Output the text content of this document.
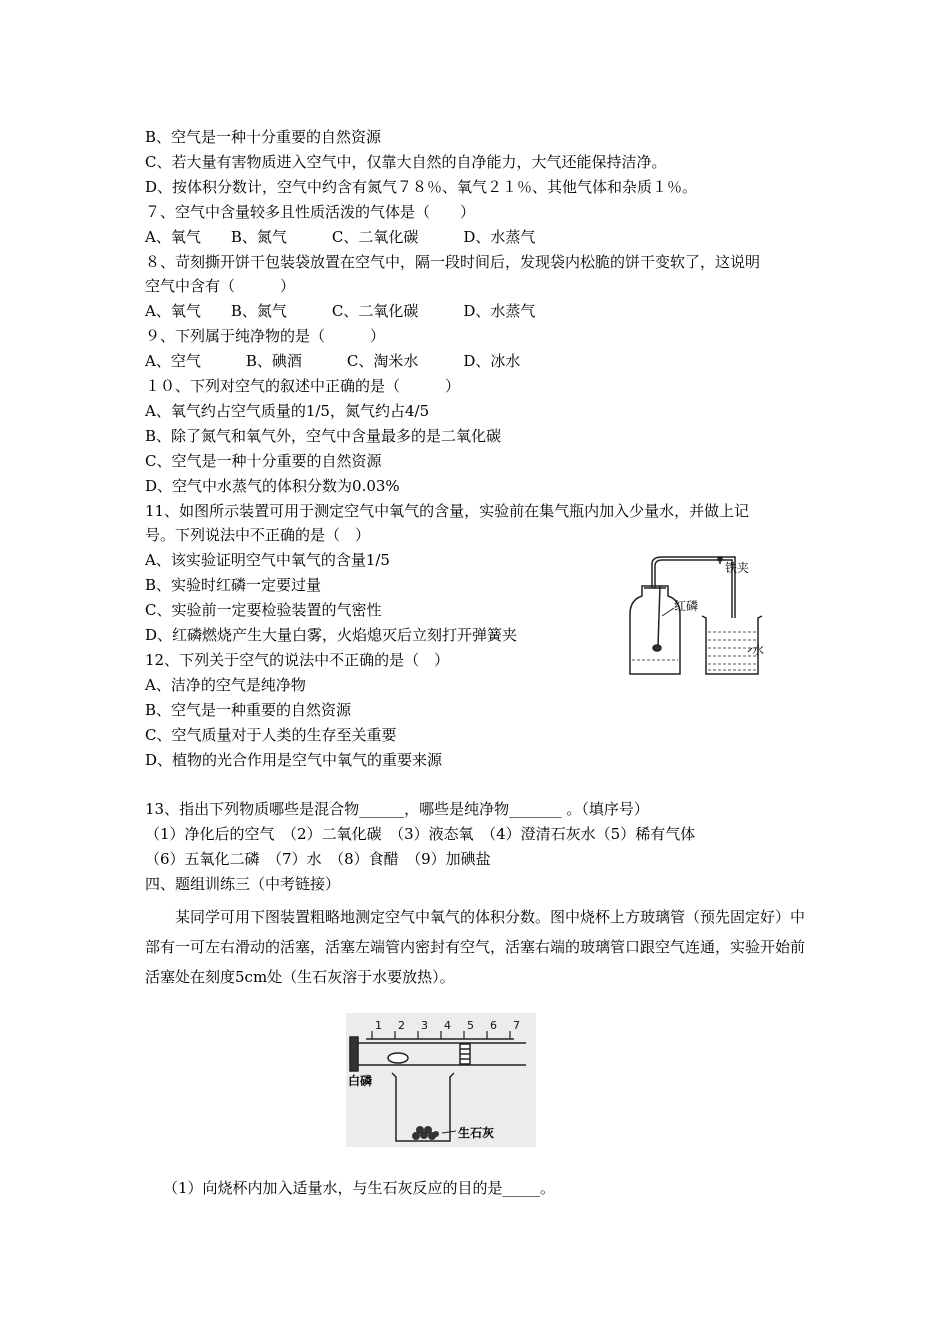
B、空气是一种十分重要的自然资源
C、若大量有害物质进入空气中，仅靠大自然的自净能力，大气还能保持洁净。
D、按体积分数计，空气中约含有氮气７８％、氧气２１％、其他气体和杂质１％。
７、空气中含量较多且性质活泼的气体是（　　）
A、氧气　　B、氮气　　　C、二氧化碳　　　D、水蒸气
８、苛刻撕开饼干包装袋放置在空气中，隔一段时间后，发现袋内松脆的饼干变软了，这说明
空气中含有（　　　）
A、氧气　　B、氮气　　　C、二氧化碳　　　D、水蒸气
９、下列属于纯净物的是（　　　）
A、空气　　　B、碘酒　　　C、淘米水　　　D、冰水
１０、下列对空气的叙述中正确的是（　　　）
A、氧气约占空气质量的1/5，氮气约占4/5
B、除了氮气和氧气外，空气中含量最多的是二氧化碳
C、空气是一种十分重要的自然资源
D、空气中水蒸气的体积分数为0.03%
11、如图所示装置可用于测定空气中氧气的含量，实验前在集气瓶内加入少量水，并做上记
号。下列说法中不正确的是（　）
A、该实验证明空气中氧气的含量1/5
B、实验时红磷一定要过量
C、实验前一定要检验装置的气密性
D、红磷燃烧产生大量白雾，火焰熄灭后立刻打开弹簧夹
12、下列关于空气的说法中不正确的是（　）
A、洁净的空气是纯净物
B、空气是一种重要的自然资源
C、空气质量对于人类的生存至关重要
D、植物的光合作用是空气中氧气的重要来源
13、指出下列物质哪些是混合物______，哪些是纯净物_______ 。（填序号）
（1）净化后的空气　（2）二氧化碳　（3）液态氧　（4）澄清石灰水（5）稀有气体
（6）五氧化二磷　（7）水　（8）食醋　（9）加碘盐
四、题组训练三（中考链接）
　　某同学可用下图装置粗略地测定空气中氧气的体积分数。图中烧杯上方玻璃管（预先固定好）中部有一可左右滑动的活塞，活塞左端管内密封有空气，活塞右端的玻璃管口跟空气连通，实验开始前活塞处在刻度5cm处（生石灰溶于水要放热）。
（1）向烧杯内加入适量水，与生石灰反应的目的是_____。
铁夹
红磷
水
1 2 3 4 5 6 7
白磷
生石灰
